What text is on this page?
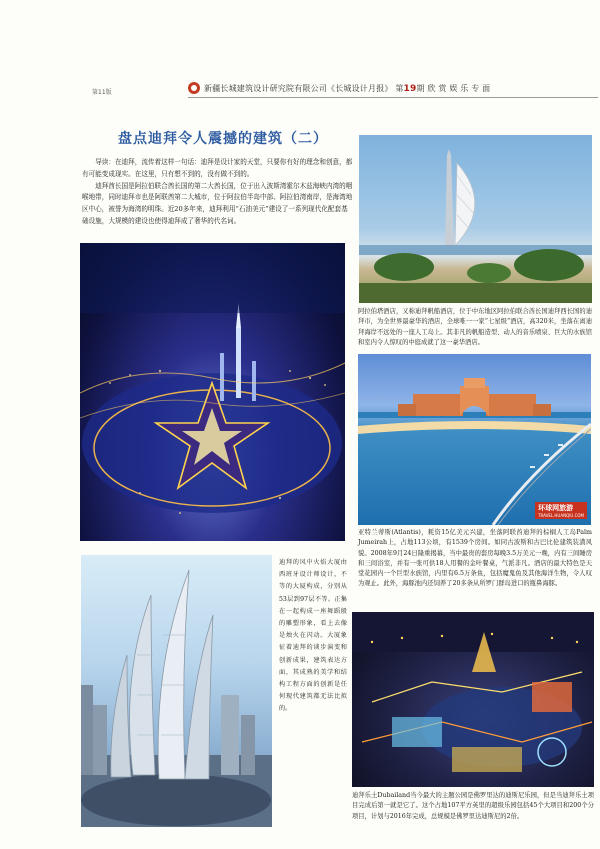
第11版	新疆长城建筑设计研究院有限公司《长城设计月报》 第19期 欣 赏 娱 乐 专 面
盘点迪拜令人震撼的建筑（二）

导读：在迪拜，流传着这样一句话：迪拜是设计家的天堂，只要你有好的理念和创意，都有可能变成现实。在这里，只有想不到的，没有做不到的。

迪拜酋长国是阿拉伯联合酋长国的第二大酋长国，位于出入波斯湾霍尔木兹海峡内湾的咽喉地带，同时迪拜市也是阿联酋第二大城市，位于阿拉伯半岛中部、阿拉伯湾南岸，是海湾地区中心，被誉为海湾的明珠。近20多年来，迪拜利用“石油美元”建设了一系列现代化配套基础设施，大规模的建设也使得迪拜成了奢华的代名词。

阿拉伯塔酒店，又称迪拜帆船酒店，位于中东地区阿拉伯联合酋长国迪拜西长国的迪拜市，为全世界最豪华的酒店，全球唯一一家“七星级”酒店，高320米，坐落在离迪拜海岸不远处的一座人工岛上。其非凡的帆船造型、动人的音乐喷泉、巨大的水族馆和室内令人惊叹的中庭成就了这一豪华酒店。
环球网旅游
TRAVEL.HUANQIU.COM
亚特兰蒂斯(Atlantis)，耗资15亿美元兴建，坐落阿联酋迪拜的棕榈人工岛Palm Jumeirah上，占地113公顷，有1539个房间。如同古波斯和古巴比伦建筑装潢风貌。2008年9月24日隆重揭幕，当中最贵的套房每晚3.5万美元一晚，内有三间睡房和三间浴室，并有一张可供18人用餐的金叶餐桌，气派非凡。酒店的最大特色是天堂花园内一个巨型水族馆，内里有6.5万条鱼，包括魔鬼鱼及其他海洋生物，令人叹为观止。此外，海豚池内还饲养了20多条从所罗门群岛进口的瓶鼻海豚。
迪拜的风中火焰大厦由西班牙设计师设计，不等的大厦构成，分别从53层到97层不等。正集在一起构成一座舞蹈般的雕塑形象，看上去像是烛火在闪动。大厦象征着迪拜的谈步演变和创新成果，建筑表达方面，其成熟的美学和结构工程方面的创新是任何现代建筑都无法比拟的。
迪拜乐土Dubailand当今最大的主题公园是佛罗里达的迪斯尼乐园，但是当迪拜乐土项目完成后第一就是它了。这个占地107平方英里的超级乐园包括45个大项目和200个分项目，计划与2016年完成，总规模是佛罗里达迪斯尼的2倍。
